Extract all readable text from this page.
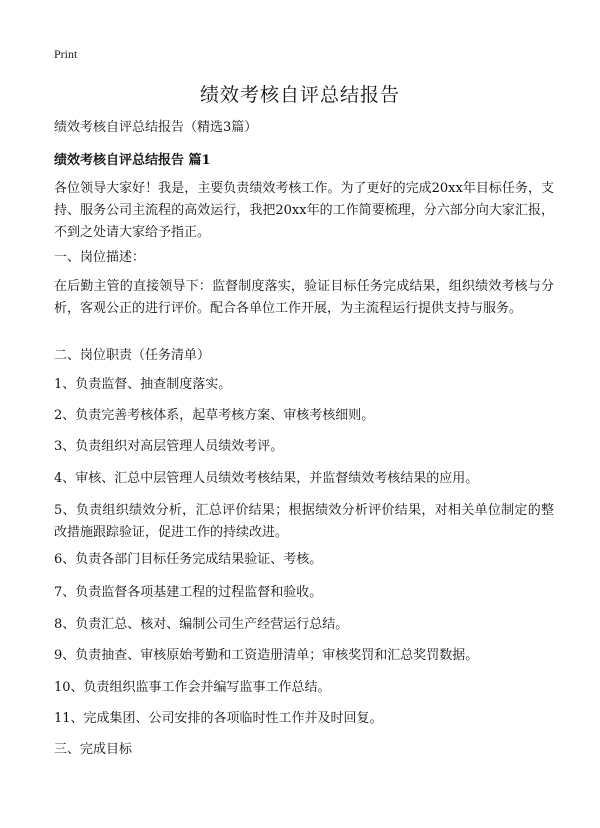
Print
绩效考核自评总结报告

绩效考核自评总结报告（精选3篇）

绩效考核自评总结报告 篇1

各位领导大家好！我是，主要负责绩效考核工作。为了更好的完成20xx年目标任务，支持、服务公司主流程的高效运行，我把20xx年的工作简要梳理，分六部分向大家汇报，不到之处请大家给予指正。

一、岗位描述：

在后勤主管的直接领导下：监督制度落实，验证目标任务完成结果，组织绩效考核与分析，客观公正的进行评价。配合各单位工作开展，为主流程运行提供支持与服务。

二、岗位职责（任务清单）

1、负责监督、抽查制度落实。

2、负责完善考核体系，起草考核方案、审核考核细则。

3、负责组织对高层管理人员绩效考评。

4、审核、汇总中层管理人员绩效考核结果，并监督绩效考核结果的应用。

5、负责组织绩效分析，汇总评价结果；根据绩效分析评价结果，对相关单位制定的整改措施跟踪验证，促进工作的持续改进。

6、负责各部门目标任务完成结果验证、考核。

7、负责监督各项基建工程的过程监督和验收。

8、负责汇总、核对、编制公司生产经营运行总结。

9、负责抽查、审核原始考勤和工资造册清单；审核奖罚和汇总奖罚数据。

10、负责组织监事工作会并编写监事工作总结。

11、完成集团、公司安排的各项临时性工作并及时回复。

三、完成目标
